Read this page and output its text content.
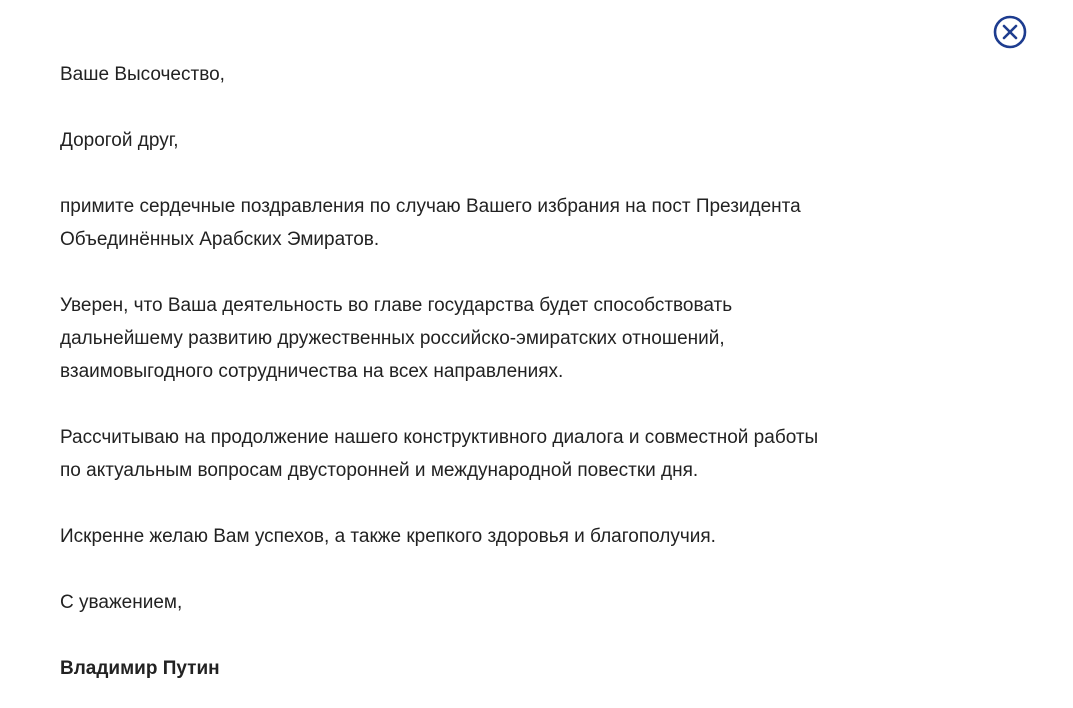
Ваше Высочество,

Дорогой друг,

примите сердечные поздравления по случаю Вашего избрания на пост Президента
Объединённых Арабских Эмиратов.

Уверен, что Ваша деятельность во главе государства будет способствовать
дальнейшему развитию дружественных российско-эмиратских отношений,
взаимовыгодного сотрудничества на всех направлениях.

Рассчитываю на продолжение нашего конструктивного диалога и совместной работы
по актуальным вопросам двусторонней и международной повестки дня.

Искренне желаю Вам успехов, а также крепкого здоровья и благополучия.

С уважением,

Владимир Путин
